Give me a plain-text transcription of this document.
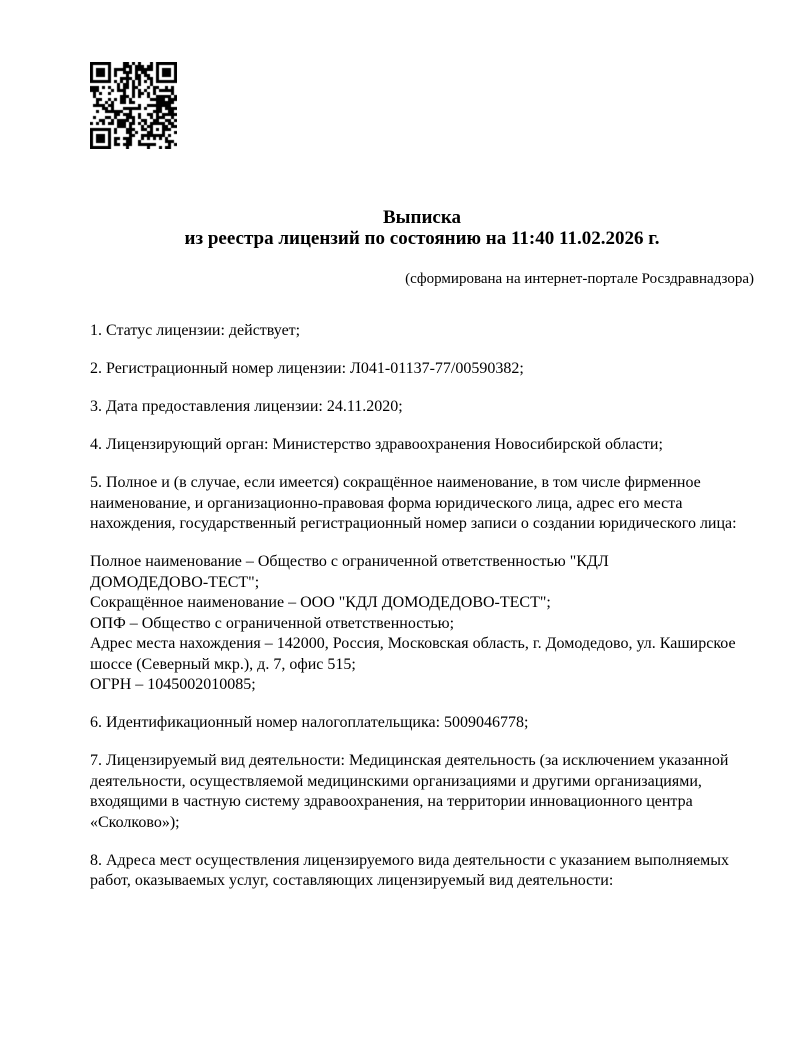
Выписка
из реестра лицензий по состоянию на 11:40 11.02.2026 г.
(сформирована на интернет-портале Росздравнадзора)

1. Статус лицензии: действует;

2. Регистрационный номер лицензии: Л041-01137-77/00590382;

3. Дата предоставления лицензии: 24.11.2020;

4. Лицензирующий орган: Министерство здравоохранения Новосибирской области;

5. Полное и (в случае, если имеется) сокращённое наименование, в том числе фирменное
наименование, и организационно-правовая форма юридического лица, адрес его места
нахождения, государственный регистрационный номер записи о создании юридического лица:

Полное наименование – Общество с ограниченной ответственностью "КДЛ
ДОМОДЕДОВО-ТЕСТ";
Сокращённое наименование – ООО "КДЛ ДОМОДЕДОВО-ТЕСТ";
ОПФ – Общество с ограниченной ответственностью;
Адрес места нахождения – 142000, Россия, Московская область, г. Домодедово, ул. Каширское
шоссе (Северный мкр.), д. 7, офис 515;
ОГРН – 1045002010085;

6. Идентификационный номер налогоплательщика: 5009046778;

7. Лицензируемый вид деятельности: Медицинская деятельность (за исключением указанной
деятельности, осуществляемой медицинскими организациями и другими организациями,
входящими в частную систему здравоохранения, на территории инновационного центра
«Сколково»);

8. Адреса мест осуществления лицензируемого вида деятельности с указанием выполняемых
работ, оказываемых услуг, составляющих лицензируемый вид деятельности:
